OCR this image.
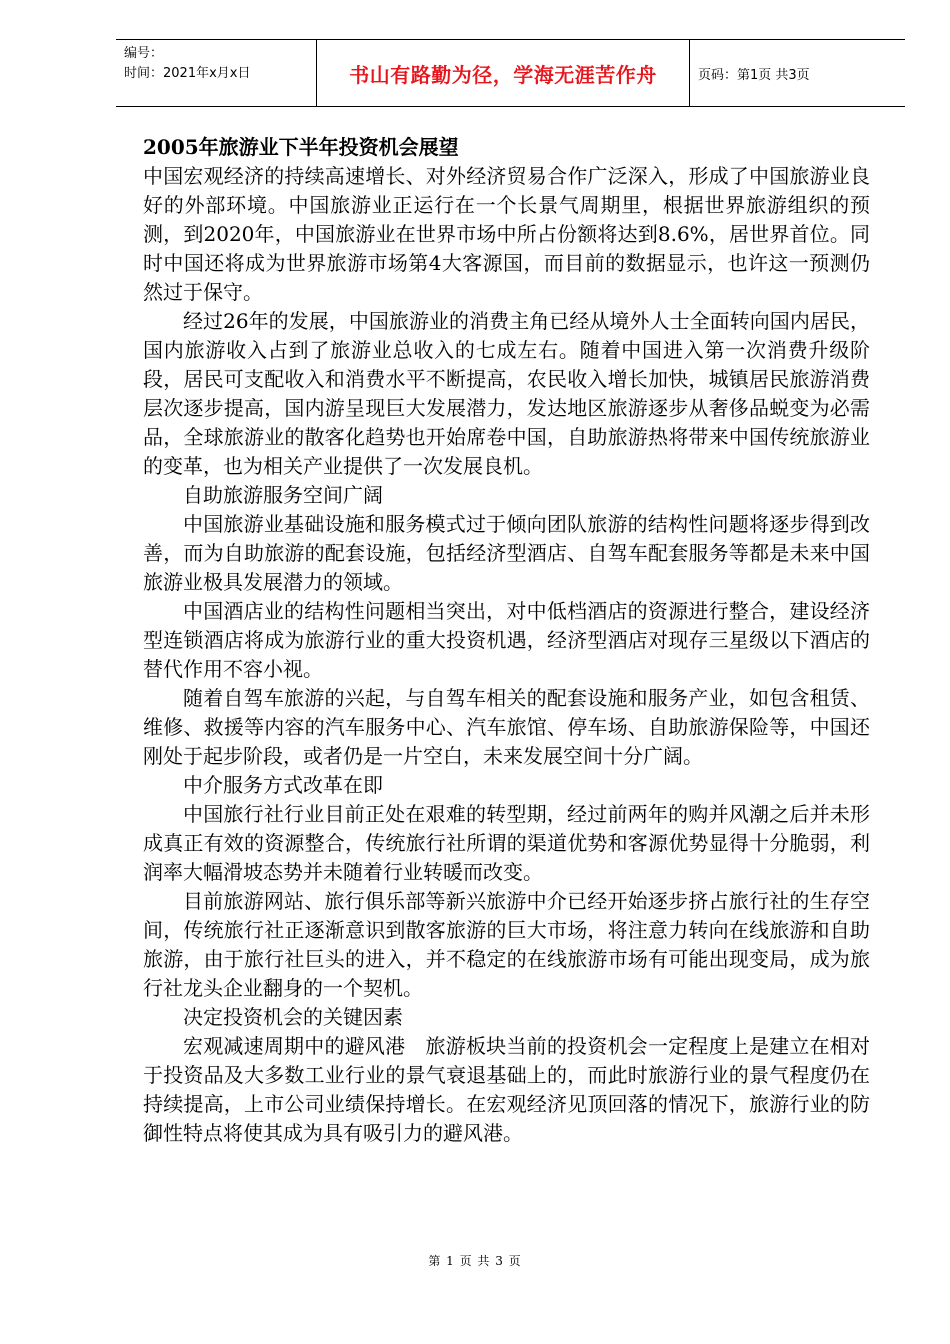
编号：
时间：2021年x月x日	书山有路勤为径，学海无涯苦作舟	页码：第1页 共3页

2005年旅游业下半年投资机会展望

中国宏观经济的持续高速增长、对外经济贸易合作广泛深入，形成了中国旅游业良好的外部环境。中国旅游业正运行在一个长景气周期里，根据世界旅游组织的预测，到2020年，中国旅游业在世界市场中所占份额将达到8.6%，居世界首位。同时中国还将成为世界旅游市场第4大客源国，而目前的数据显示，也许这一预测仍然过于保守。

经过26年的发展，中国旅游业的消费主角已经从境外人士全面转向国内居民，国内旅游收入占到了旅游业总收入的七成左右。随着中国进入第一次消费升级阶段，居民可支配收入和消费水平不断提高，农民收入增长加快，城镇居民旅游消费层次逐步提高，国内游呈现巨大发展潜力，发达地区旅游逐步从奢侈品蜕变为必需品，全球旅游业的散客化趋势也开始席卷中国，自助旅游热将带来中国传统旅游业的变革，也为相关产业提供了一次发展良机。

自助旅游服务空间广阔

中国旅游业基础设施和服务模式过于倾向团队旅游的结构性问题将逐步得到改善，而为自助旅游的配套设施，包括经济型酒店、自驾车配套服务等都是未来中国旅游业极具发展潜力的领域。

中国酒店业的结构性问题相当突出，对中低档酒店的资源进行整合，建设经济型连锁酒店将成为旅游行业的重大投资机遇，经济型酒店对现存三星级以下酒店的替代作用不容小视。

随着自驾车旅游的兴起，与自驾车相关的配套设施和服务产业，如包含租赁、维修、救援等内容的汽车服务中心、汽车旅馆、停车场、自助旅游保险等，中国还刚处于起步阶段，或者仍是一片空白，未来发展空间十分广阔。

中介服务方式改革在即

中国旅行社行业目前正处在艰难的转型期，经过前两年的购并风潮之后并未形成真正有效的资源整合，传统旅行社所谓的渠道优势和客源优势显得十分脆弱，利润率大幅滑坡态势并未随着行业转暖而改变。

目前旅游网站、旅行俱乐部等新兴旅游中介已经开始逐步挤占旅行社的生存空间，传统旅行社正逐渐意识到散客旅游的巨大市场，将注意力转向在线旅游和自助旅游，由于旅行社巨头的进入，并不稳定的在线旅游市场有可能出现变局，成为旅行社龙头企业翻身的一个契机。

决定投资机会的关键因素

宏观减速周期中的避风港　旅游板块当前的投资机会一定程度上是建立在相对于投资品及大多数工业行业的景气衰退基础上的，而此时旅游行业的景气程度仍在持续提高，上市公司业绩保持增长。在宏观经济见顶回落的情况下，旅游行业的防御性特点将使其成为具有吸引力的避风港。

第 1 页 共 3 页
